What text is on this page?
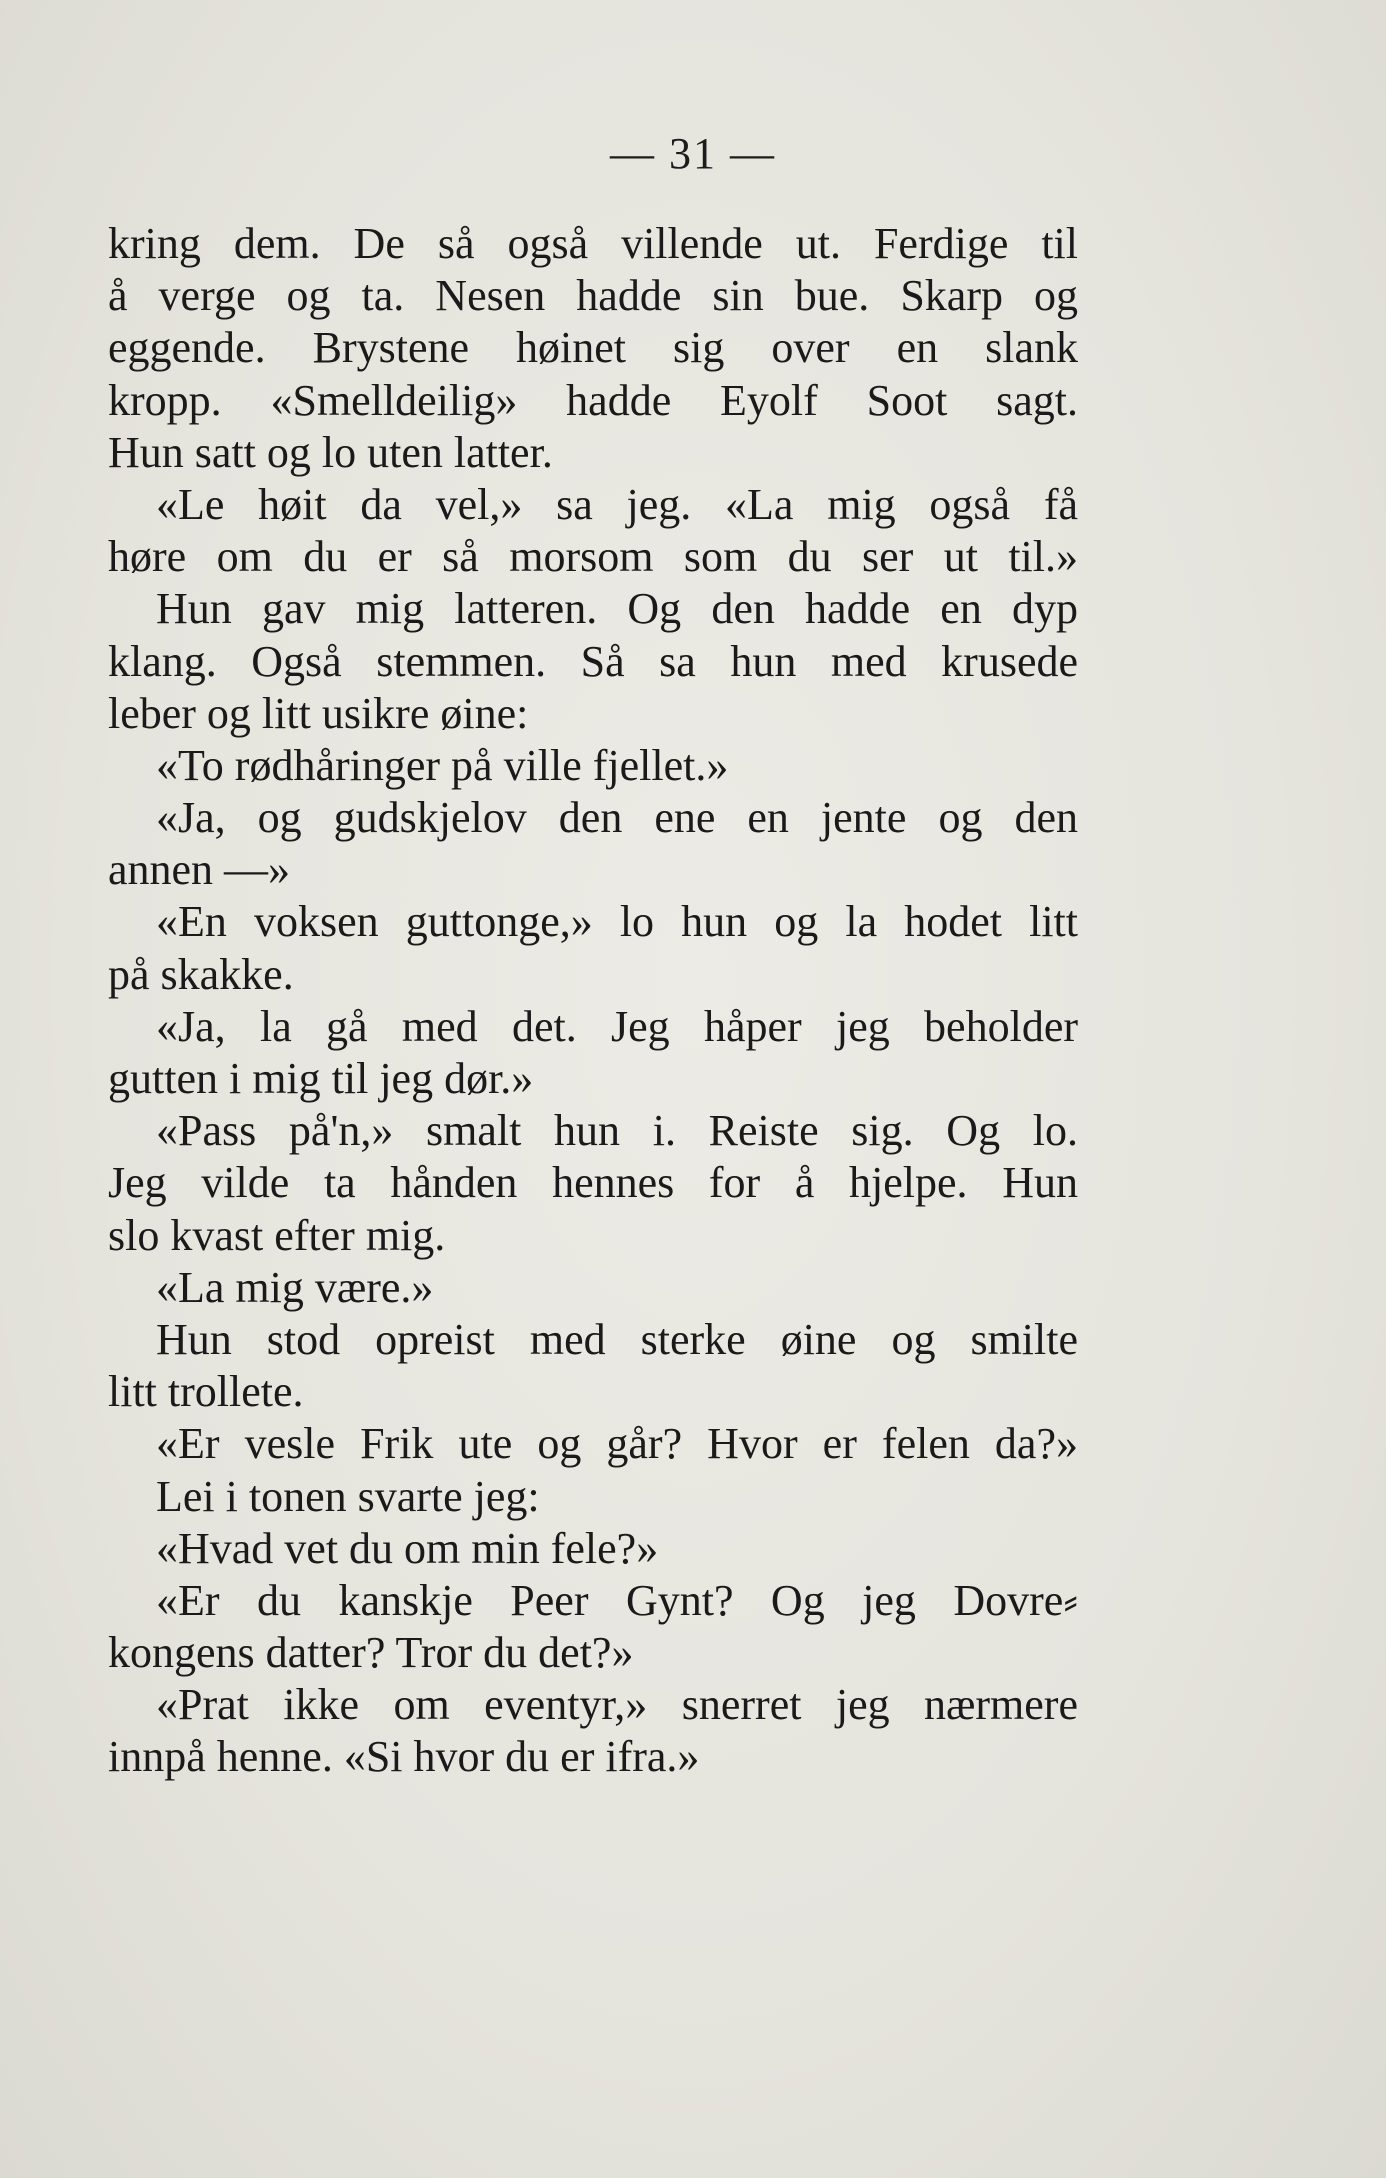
— 31 —
kring dem. De så også villende ut. Ferdige til
å verge og ta. Nesen hadde sin bue. Skarp og
eggende. Brystene høinet sig over en slank
kropp. «Smelldeilig» hadde Eyolf Soot sagt.
Hun satt og lo uten latter.
«Le høit da vel,» sa jeg. «La mig også få
høre om du er så morsom som du ser ut til.»
Hun gav mig latteren. Og den hadde en dyp
klang. Også stemmen. Så sa hun med krusede
leber og litt usikre øine:
«To rødhåringer på ville fjellet.»
«Ja, og gudskjelov den ene en jente og den
annen —»
«En voksen guttonge,» lo hun og la hodet litt
på skakke.
«Ja, la gå med det. Jeg håper jeg beholder
gutten i mig til jeg dør.»
«Pass på'n,» smalt hun i. Reiste sig. Og lo.
Jeg vilde ta hånden hennes for å hjelpe. Hun
slo kvast efter mig.
«La mig være.»
Hun stod opreist med sterke øine og smilte
litt trollete.
«Er vesle Frik ute og går? Hvor er felen da?»
Lei i tonen svarte jeg:
«Hvad vet du om min fele?»
«Er du kanskje Peer Gynt? Og jeg Dovre⸗
kongens datter? Tror du det?»
«Prat ikke om eventyr,» snerret jeg nærmere
innpå henne. «Si hvor du er ifra.»
